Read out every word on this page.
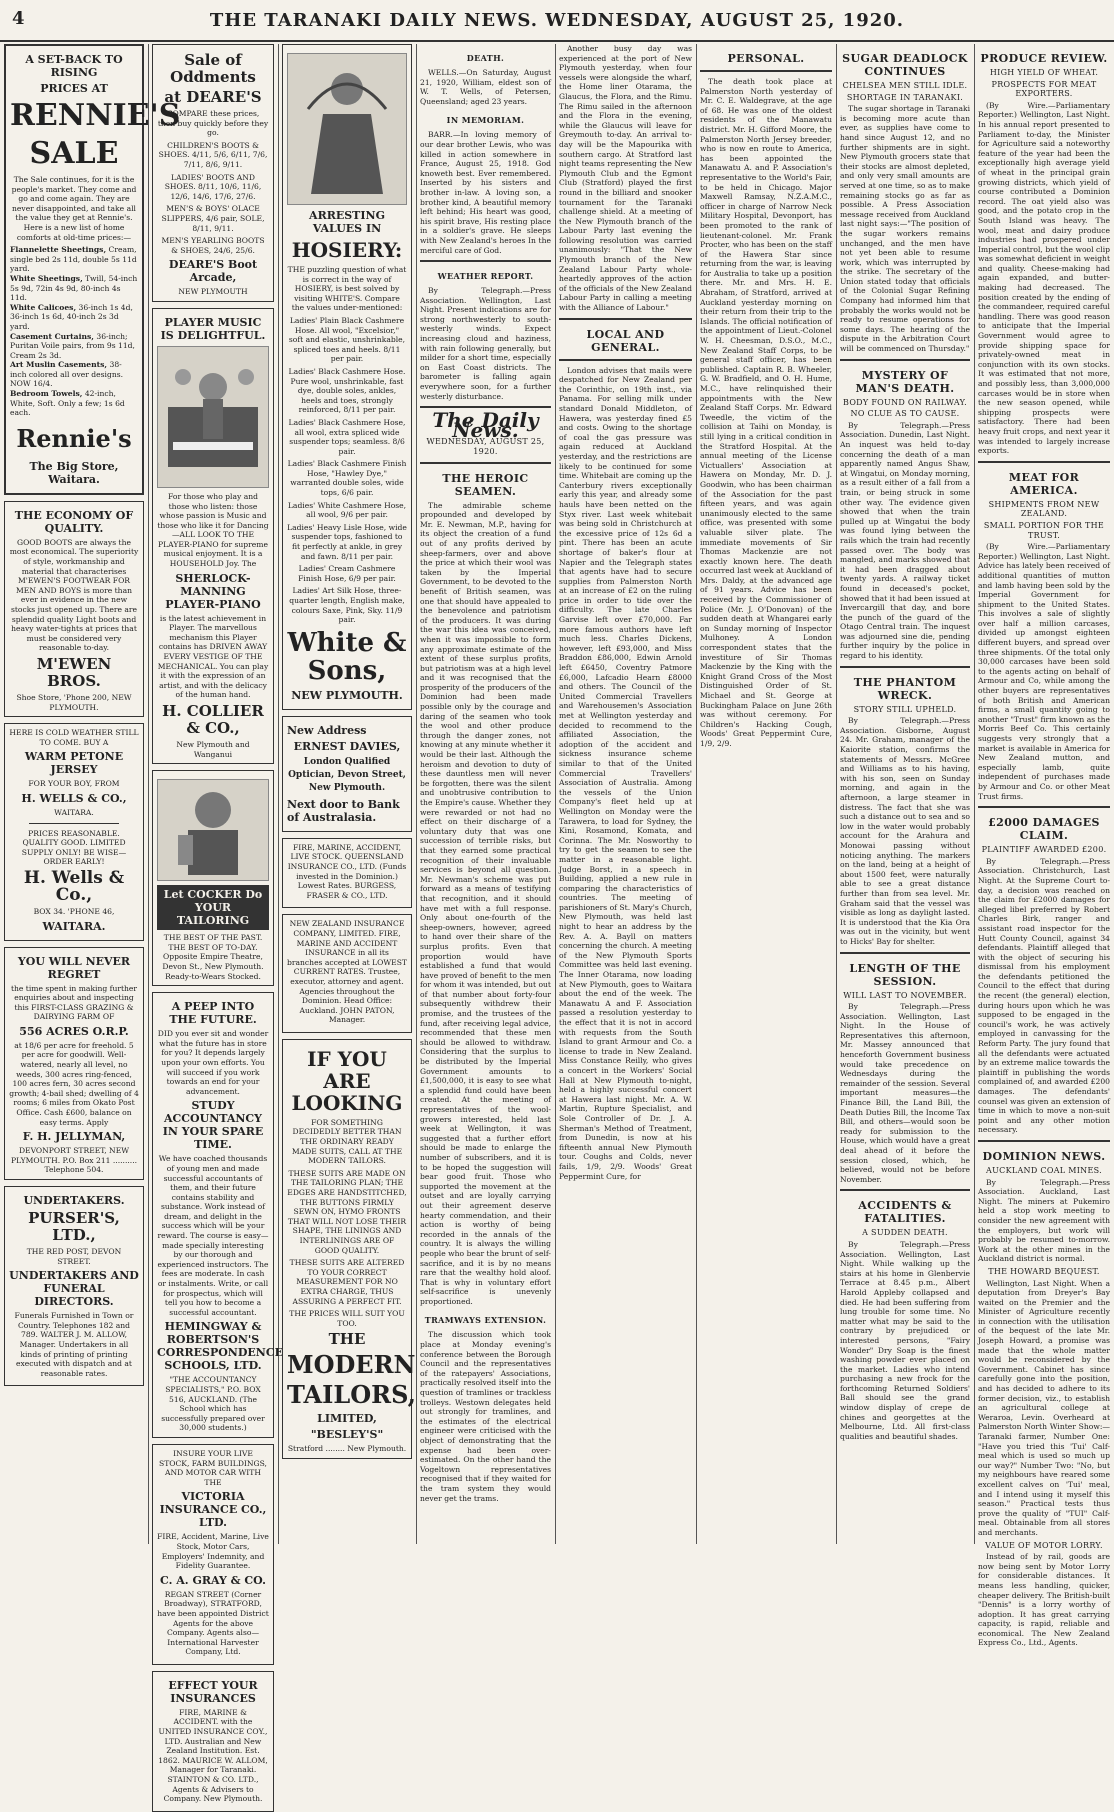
4	THE TARANAKI DAILY NEWS. WEDNESDAY, AUGUST 25, 1920.
A SET-BACK TO RISING
PRICES AT
RENNIE'S
SALE

The Sale continues, for it is the people's market. They come and go and come again. They are never disappointed, and take all the value they get at Rennie's. Here is a new list of home comforts at old-time prices:—

Flannelette Sheetings, Cream, single bed 2s 11d, double 5s 11d yard.
White Sheetings, Twill, 54-inch 5s 9d, 72in 4s 9d, 80-inch 4s 11d.
White Calicoes, 36-inch 1s 4d, 36-inch 1s 6d, 40-inch 2s 3d yard.
Casement Curtains, 36-inch; Puritan Voile pairs, from 9s 11d, Cream 2s 3d.
Art Muslin Casements, 38-inch colored all over designs. NOW 16/4.
Bedroom Towels, 42-inch, White, Soft. Only a few; 1s 6d each.
Rennie's
The Big Store, Waitara.
THE ECONOMY OF QUALITY.

GOOD BOOTS are always the most economical. The superiority of style, workmanship and material that characterises M'EWEN'S FOOTWEAR FOR MEN AND BOYS is more than ever in evidence in the new stocks just opened up. There are splendid quality Light boots and heavy water-tights at prices that must be considered very reasonable to-day.

M'EWEN BROS.
Shoe Store, 'Phone 200, NEW PLYMOUTH.
HERE IS COLD WEATHER STILL TO COME. BUY A
WARM PETONE JERSEY
FOR YOUR BOY, FROM
H. WELLS & CO.,
WAITARA.
PRICES REASONABLE. QUALITY GOOD. LIMITED SUPPLY ONLY! BE WISE—ORDER EARLY!
H. Wells & Co.,
BOX 34. 'PHONE 46,
WAITARA.
YOU WILL NEVER REGRET

the time spent in making further enquiries about and inspecting this FIRST-CLASS GRAZING & DAIRYING FARM OF

556 ACRES O.R.P.

at 18/6 per acre for freehold. 5 per acre for goodwill. Well-watered, nearly all level, no weeds, 300 acres ring-fenced, 100 acres fern, 30 acres second growth; 4-bail shed; dwelling of 4 rooms; 6 miles from Okato Post Office. Cash £600, balance on easy terms. Apply

F. H. JELLYMAN,
DEVONPORT STREET, NEW PLYMOUTH. P.O. Box 211 .......... Telephone 504.
UNDERTAKERS.
PURSER'S, LTD.,
THE RED POST, DEVON STREET.
UNDERTAKERS AND FUNERAL DIRECTORS.

Funerals Furnished in Town or Country. Telephones 182 and 789. WALTER J. M. ALLOW, Manager. Undertakers in all kinds of printing of printing executed with dispatch and at reasonable rates.

Sale of Oddments
at DEARE'S

COMPARE these prices, then buy quickly before they go.

CHILDREN'S BOOTS & SHOES. 4/11, 5/6, 6/11, 7/6, 7/11, 8/6, 9/11.

LADIES' BOOTS AND SHOES. 8/11, 10/6, 11/6, 12/6, 14/6, 17/6, 27/6.

MEN'S & BOYS' OLACE SLIPPERS, 4/6 pair, SOLE, 8/11, 9/11.

MEN'S YEARLING BOOTS & SHOES, 24/6, 25/6.

DEARE'S Boot Arcade,
NEW PLYMOUTH
PLAYER MUSIC IS DELIGHTFUL.

For those who play and those who listen: those whose passion is Music and those who like it for Dancing—ALL LOOK TO THE PLAYER-PIANO for supreme musical enjoyment. It is a HOUSEHOLD Joy. The

SHERLOCK-MANNING PLAYER-PIANO

is the latest achievement in Player. The marvellous mechanism this Player contains has DRIVEN AWAY EVERY VESTIGE OF THE MECHANICAL. You can play it with the expression of an artist, and with the delicacy of the human hand.

H. COLLIER & CO.,
New Plymouth and Wanganui
Let COCKER Do YOUR TAILORING
THE BEST OF THE PAST. THE BEST OF TO-DAY.
Opposite Empire Theatre, Devon St., New Plymouth.
Ready-to-Wears Stocked.
A PEEP INTO THE FUTURE.

DID you ever sit and wonder what the future has in store for you? It depends largely upon your own efforts. You will succeed if you work towards an end for your advancement.

STUDY ACCOUNTANCY IN YOUR SPARE TIME.

We have coached thousands of young men and made successful accountants of them, and their future contains stability and substance. Work instead of dream, and delight in the success which will be your reward. The course is easy—made specially interesting by our thorough and experienced instructors. The fees are moderate. In cash or instalments. Write, or call for prospectus, which will tell you how to become a successful accountant.

HEMINGWAY & ROBERTSON'S CORRESPONDENCE SCHOOLS, LTD.
"THE ACCOUNTANCY SPECIALISTS," P.O. BOX 516, AUCKLAND. (The School which has successfully prepared over 30,000 students.)
INSURE YOUR LIVE STOCK, FARM BUILDINGS, AND MOTOR CAR WITH THE
VICTORIA INSURANCE CO., LTD.

FIRE, Accident, Marine, Live Stock, Motor Cars, Employers' Indemnity, and Fidelity Guarantee.

C. A. GRAY & CO.

REGAN STREET (Corner Broadway), STRATFORD, have been appointed District Agents for the above Company. Agents also—International Harvester Company, Ltd.

EFFECT YOUR INSURANCES

FIRE, MARINE & ACCIDENT. with the UNITED INSURANCE COY., LTD. Australian and New Zealand Institution. Est. 1862. MAURICE W. ALLOM, Manager for Taranaki. STAINTON & CO. LTD., Agents & Advisers to Company. New Plymouth.

ARRESTING VALUES IN
HOSIERY:

THE puzzling question of what is correct in the way of HOSIERY, is best solved by visiting WHITE'S. Compare the values under-mentioned:

Ladies' Plain Black Cashmere Hose. All wool, "Excelsior," soft and elastic, unshrinkable, spliced toes and heels. 8/11 per pair.

Ladies' Black Cashmere Hose. Pure wool, unshrinkable, fast dye, double soles, ankles, heels and toes, strongly reinforced, 8/11 per pair.

Ladies' Black Cashmere Hose, all wool, extra spliced wide suspender tops; seamless. 8/6 pair.

Ladies' Black Cashmere Finish Hose, "Hawley Dye," warranted double soles, wide tops, 6/6 pair.

Ladies' White Cashmere Hose, all wool, 9/6 per pair.

Ladies' Heavy Lisle Hose, wide suspender tops, fashioned to fit perfectly at ankle, in grey and fawn. 8/11 per pair.

Ladies' Cream Cashmere Finish Hose, 6/9 per pair.

Ladies' Art Silk Hose, three-quarter length, English make, colours Saxe, Pink, Sky. 11/9 pair.

White & Sons,
NEW PLYMOUTH.
New Address
ERNEST DAVIES,
London Qualified Optician, Devon Street, New Plymouth.
Next door to Bank of Australasia.

FIRE, MARINE, ACCIDENT, LIVE STOCK. QUEENSLAND INSURANCE CO., LTD. (Funds invested in the Dominion.) Lowest Rates. BURGESS, FRASER & CO., LTD.

NEW ZEALAND INSURANCE COMPANY, LIMITED. FIRE, MARINE AND ACCIDENT INSURANCE in all its branches accepted at LOWEST CURRENT RATES. Trustee, executor, attorney and agent. Agencies throughout the Dominion. Head Office: Auckland. JOHN PATON, Manager.

IF YOU ARE LOOKING

FOR SOMETHING DECIDEDLY BETTER THAN THE ORDINARY READY MADE SUITS, CALL AT THE MODERN TAILORS.

THESE SUITS ARE MADE ON THE TAILORING PLAN; THE EDGES ARE HANDSTITCHED, THE BUTTONS FIRMLY SEWN ON, HYMO FRONTS THAT WILL NOT LOSE THEIR SHAPE, THE LININGS AND INTERLININGS ARE OF GOOD QUALITY.

THESE SUITS ARE ALTERED TO YOUR CORRECT MEASUREMENT FOR NO EXTRA CHARGE, THUS ASSURING A PERFECT FIT.

THE PRICES WILL SUIT YOU TOO.

THE
MODERN
TAILORS,
LIMITED,
"BESLEY'S"
Stratford ........ New Plymouth.
DEATH.

WELLS.—On Saturday, August 21, 1920, William, eldest son of W. T. Wells, of Petersen, Queensland; aged 23 years.

IN MEMORIAM.

BARR.—In loving memory of our dear brother Lewis, who was killed in action somewhere in France, August 25, 1918. God knoweth best. Ever remembered. Inserted by his sisters and brother in-law. A loving son, a brother kind, A beautiful memory left behind; His heart was good, his spirit brave, His resting place in a soldier's grave. He sleeps with New Zealand's heroes In the merciful care of God.

WEATHER REPORT.

By Telegraph.—Press Association. Wellington, Last Night. Present indications are for strong northwesterly to south-westerly winds. Expect increasing cloud and haziness, with rain following generally, but milder for a short time, especially on East Coast districts. The barometer is falling again everywhere soon, for a further westerly disturbance.

The Daily News.
WEDNESDAY, AUGUST 25, 1920.
THE HEROIC SEAMEN.

The admirable scheme propounded and developed by Mr. E. Newman, M.P., having for its object the creation of a fund out of any profits derived by sheep-farmers, over and above the price at which their wool was taken by the Imperial Government, to be devoted to the benefit of British seamen, was one that should have appealed to the benevolence and patriotism of the producers. It was during the war this idea was conceived, when it was impossible to form any approximate estimate of the extent of these surplus profits, but patriotism was at a high level and it was recognised that the prosperity of the producers of the Dominion had been made possible only by the courage and daring of the seamen who took the wool and other produce through the danger zones, not knowing at any minute whether it would be their last. Although the heroism and devotion to duty of these dauntless men will never be forgotten, there was the silent and unobtrusive contribution to the Empire's cause. Whether they were rewarded or not had no effect on their discharge of a voluntary duty that was one succession of terrible risks, but that they earned some practical recognition of their invaluable services is beyond all question. Mr. Newman's scheme was put forward as a means of testifying that recognition, and it should have met with a full response. Only about one-fourth of the sheep-owners, however, agreed to hand over their share of the surplus profits. Even that proportion would have established a fund that would have proved of benefit to the men for whom it was intended, but out of that number about forty-four subsequently withdrew their promise, and the trustees of the fund, after receiving legal advice, recommended that these men should be allowed to withdraw. Considering that the surplus to be distributed by the Imperial Government amounts to £1,500,000, it is easy to see what a splendid fund could have been created. At the meeting of representatives of the wool-growers interested, held last week at Wellington, it was suggested that a further effort should be made to enlarge the number of subscribers, and it is to be hoped the suggestion will bear good fruit. Those who supported the movement at the outset and are loyally carrying out their agreement deserve hearty commendation, and their action is worthy of being recorded in the annals of the country. It is always the willing people who bear the brunt of self-sacrifice, and it is by no means rare that the wealthy hold aloof. That is why in voluntary effort self-sacrifice is unevenly proportioned.

TRAMWAYS EXTENSION.

The discussion which took place at Monday evening's conference between the Borough Council and the representatives of the ratepayers' Associations, practically resolved itself into the question of tramlines or trackless trolleys. Westown delegates held out strongly for tramlines, and the estimates of the electrical engineer were criticised with the object of demonstrating that the expense had been over-estimated. On the other hand the Vogeltown representatives recognised that if they waited for the tram system they would never get the trams.

Another busy day was experienced at the port of New Plymouth yesterday, when four vessels were alongside the wharf, the Home liner Otarama, the Glaucus, the Flora, and the Rimu. The Rimu sailed in the afternoon and the Flora in the evening, while the Glaucus will leave for Greymouth to-day. An arrival to-day will be the Mapourika with southern cargo. At Stratford last night teams representing the New Plymouth Club and the Egmont Club (Stratford) played the first round in the billiard and snooker tournament for the Taranaki challenge shield. At a meeting of the New Plymouth branch of the Labour Party last evening the following resolution was carried unanimously: "That the New Plymouth branch of the New Zealand Labour Party whole-heartedly approves of the action of the officials of the New Zealand Labour Party in calling a meeting with the Alliance of Labour."

LOCAL AND GENERAL.

London advises that mails were despatched for New Zealand per the Corinthic, on 19th inst., via Panama. For selling milk under standard Donald Middleton, of Hawera, was yesterday fined £5 and costs. Owing to the shortage of coal the gas pressure was again reduced at Auckland yesterday, and the restrictions are likely to be continued for some time. Whitebait are coming up the Canterbury rivers exceptionally early this year, and already some hauls have been netted on the Styx river. Last week whitebait was being sold in Christchurch at the excessive price of 12s 6d a pint. There has been an acute shortage of baker's flour at Napier and the Telegraph states that agents have had to secure supplies from Palmerston North at an increase of £2 on the ruling price in order to tide over the difficulty. The late Charles Garvise left over £70,000. Far more famous authors have left much less. Charles Dickens, however, left £93,000, and Miss Braddon £86,000, Edwin Arnold left £6450, Coventry Patmore £6,000, Lafcadio Hearn £8000 and others. The Council of the United Commercial Travellers and Warehousemen's Association met at Wellington yesterday and decided to recommend to the affiliated Association, the adoption of the accident and sickness insurance scheme similar to that of the United Commercial Travellers' Association of Australia. Among the vessels of the Union Company's fleet held up at Wellington on Monday were the Tarawera, to load for Sydney, the Kini, Rosamond, Komata, and Corinna. The Mr. Nosworthy to try to get the seamen to see the matter in a reasonable light. Judge Borst, in a speech in Building, applied a new rule in comparing the characteristics of countries. The meeting of parishioners of St. Mary's Church, New Plymouth, was held last night to hear an address by the Rev. A. A. Bayll on matters concerning the church. A meeting of the New Plymouth Sports Committee was held last evening. The Inner Otarama, now loading at New Plymouth, goes to Waitara about the end of the week. The Manawatu A and F. Association passed a resolution yesterday to the effect that it is not in accord with requests from the South Island to grant Armour and Co. a license to trade in New Zealand. Miss Constance Reilly, who gives a concert in the Workers' Social Hall at New Plymouth to-night, held a highly successful concert at Hawera last night. Mr. A. W. Martin, Rupture Specialist, and Sole Controller of Dr. J. A. Sherman's Method of Treatment, from Dunedin, is now at his fifteenth annual New Plymouth tour. Coughs and Colds, never fails, 1/9, 2/9. Woods' Great Peppermint Cure, for

PERSONAL.

The death took place at Palmerston North yesterday of Mr. C. E. Waldegrave, at the age of 68. He was one of the oldest residents of the Manawatu district. Mr. H. Gifford Moore, the Palmerston North Jersey breeder, who is now en route to America, has been appointed the Manawatu A. and P. Association's representative to the World's Fair, to be held in Chicago. Major Maxwell Ramsay, N.Z.A.M.C., officer in charge of Narrow Neck Military Hospital, Devonport, has been promoted to the rank of lieutenant-colonel. Mr. Frank Procter, who has been on the staff of the Hawera Star since returning from the war, is leaving for Australia to take up a position there. Mr. and Mrs. H. E. Abraham, of Stratford, arrived at Auckland yesterday morning on their return from their trip to the Islands. The official notification of the appointment of Lieut.-Colonel W. H. Cheesman, D.S.O., M.C., New Zealand Staff Corps, to be general staff officer, has been published. Captain R. B. Wheeler, G. W. Bradfield, and O. H. Hume, M.C., have relinquished their appointments with the New Zealand Staff Corps. Mr. Edward Tweedle, the victim of the collision at Taihi on Monday, is still lying in a critical condition in the Stratford Hospital. At the annual meeting of the License Victuallers' Association at Hawera on Monday, Mr. D. J. Goodwin, who has been chairman of the Association for the past fifteen years, and was again unanimously elected to the same office, was presented with some valuable silver plate. The immediate movements of Sir Thomas Mackenzie are not exactly known here. The death occurred last week at Auckland of Mrs. Daldy, at the advanced age of 91 years. Advice has been received by the Commissioner of Police (Mr. J. O'Donovan) of the sudden death at Whangarei early on Sunday morning of Inspector Mulhoney. A London correspondent states that the investiture of Sir Thomas Mackenzie by the King with the Knight Grand Cross of the Most Distinguished Order of St. Michael and St. George at Buckingham Palace on June 26th was without ceremony. For Children's Hacking Cough, Woods' Great Peppermint Cure, 1/9, 2/9.

SUGAR DEADLOCK CONTINUES
CHELSEA MEN STILL IDLE.
SHORTAGE IN TARANAKI.

The sugar shortage in Taranaki is becoming more acute than ever, as supplies have come to hand since August 12, and no further shipments are in sight. New Plymouth grocers state that their stocks are almost depleted, and only very small amounts are served at one time, so as to make remaining stocks go as far as possible. A Press Association message received from Auckland last night says:—"The position of the sugar workers remains unchanged, and the men have not yet been able to resume work, which was interrupted by the strike. The secretary of the Union stated today that officials of the Colonial Sugar Refining Company had informed him that probably the works would not be ready to resume operations for some days. The hearing of the dispute in the Arbitration Court will be commenced on Thursday."

MYSTERY OF MAN'S DEATH.
BODY FOUND ON RAILWAY.
NO CLUE AS TO CAUSE.

By Telegraph.—Press Association. Dunedin, Last Night. An inquest was held to-day concerning the death of a man apparently named Angus Shaw, at Wingatui, on Monday morning, as a result either of a fall from a train, or being struck in some other way. The evidence given showed that when the train pulled up at Wingatui the body was found lying between the rails which the train had recently passed over. The body was mangled, and marks showed that it had been dragged about twenty yards. A railway ticket found in deceased's pocket, showed that it had been issued at Invercargill that day, and bore the punch of the guard of the Otago Central train. The inquest was adjourned sine die, pending further inquiry by the police in regard to his identity.

THE PHANTOM WRECK.
STORY STILL UPHELD.

By Telegraph.—Press Association. Gisborne, August 24. Mr. Graham, manager of the Kaiorite station, confirms the statements of Messrs. McGree and Williams as to his having, with his son, seen on Sunday morning, and again in the afternoon, a large steamer in distress. The fact that she was such a distance out to sea and so low in the water would probably account for the Arahura and Monowai passing without noticing anything. The markers on the land, being at a height of about 1500 feet, were naturally able to see a great distance further than from sea level. Mr. Graham said that the vessel was visible as long as daylight lasted. It is understood that the Kia Ora was out in the vicinity, but went to Hicks' Bay for shelter.

LENGTH OF THE SESSION.
WILL LAST TO NOVEMBER.

By Telegraph.—Press Association. Wellington, Last Night. In the House of Representatives this afternoon, Mr. Massey announced that henceforth Government business would take precedence on Wednesdays during the remainder of the session. Several important measures—the Finance Bill, the Land Bill, the Death Duties Bill, the Income Tax Bill, and others—would soon be ready for submission to the House, which would have a great deal ahead of it before the session closed, which, he believed, would not be before November.

ACCIDENTS & FATALITIES.
A SUDDEN DEATH.

By Telegraph.—Press Association. Wellington, Last Night. While walking up the stairs at his home in Glenbervie Terrace at 8.45 p.m., Albert Harold Appleby collapsed and died. He had been suffering from lung trouble for some time. No matter what may be said to the contrary by prejudiced or interested persons, "Fairy Wonder" Dry Soap is the finest washing powder ever placed on the market. Ladies who intend purchasing a new frock for the forthcoming Returned Soldiers' Ball should see the grand window display of crepe de chines and georgettes at the Melbourne, Ltd. All first-class qualities and beautiful shades.

PRODUCE REVIEW.
HIGH YIELD OF WHEAT.
PROSPECTS FOR MEAT EXPORTERS.

(By Wire.—Parliamentary Reporter.) Wellington, Last Night. In his annual report presented to Parliament to-day, the Minister for Agriculture said a noteworthy feature of the year had been the exceptionally high average yield of wheat in the principal grain growing districts, which yield of course contributed a Dominion record. The oat yield also was good, and the potato crop in the South Island was heavy. The wool, meat and dairy produce industries had prospered under Imperial control, but the wool clip was somewhat deficient in weight and quality. Cheese-making had again expanded, and butter-making had decreased. The position created by the ending of the commandeer, required careful handling. There was good reason to anticipate that the Imperial Government would agree to provide shipping space for privately-owned meat in conjunction with its own stocks. It was estimated that not more, and possibly less, than 3,000,000 carcases would be in store when the new season opened, while shipping prospects were satisfactory. There had been heavy fruit crops, and next year it was intended to largely increase exports.

MEAT FOR AMERICA.
SHIPMENTS FROM NEW ZEALAND.
SMALL PORTION FOR THE TRUST.

(By Wire.—Parliamentary Reporter.) Wellington, Last Night. Advice has lately been received of additional quantities of mutton and lamb having been sold by the Imperial Government for shipment to the United States. This involves a sale of slightly over half a million carcases, divided up amongst eighteen different buyers, and spread over three shipments. Of the total only 30,000 carcases have been sold to the agents acting on behalf of Armour and Co, while among the other buyers are representatives of both British and American firms, a small quantity going to another "Trust" firm known as the Morris Beef Co. This certainly suggests very strongly that a market is available in America for New Zealand mutton, and especially lamb, quite independent of purchases made by Armour and Co. or other Meat Trust firms.

£2000 DAMAGES CLAIM.
PLAINTIFF AWARDED £200.

By Telegraph.—Press Association. Christchurch, Last Night. At the Supreme Court to-day, a decision was reached on the claim for £2000 damages for alleged libel preferred by Robert Charles Birk, ranger and assistant road inspector for the Hutt County Council, against 34 defendants. Plaintiff alleged that with the object of securing his dismissal from his employment the defendants petitioned the Council to the effect that during the recent (the general) election, during hours upon which he was supposed to be engaged in the council's work, he was actively employed in canvassing for the Reform Party. The jury found that all the defendants were actuated by an extreme malice towards the plaintiff in publishing the words complained of, and awarded £200 damages. The defendants' counsel was given an extension of time in which to move a non-suit point and any other motion necessary.

DOMINION NEWS.
AUCKLAND COAL MINES.

By Telegraph.—Press Association. Auckland, Last Night. The miners at Pukemiro held a stop work meeting to consider the new agreement with the employers, but work will probably be resumed to-morrow. Work at the other mines in the Auckland district is normal.

THE HOWARD BEQUEST.

Wellington, Last Night. When a deputation from Dreyer's Bay waited on the Premier and the Minister of Agriculture recently in connection with the utilisation of the bequest of the late Mr. Joseph Howard, a promise was made that the whole matter would be reconsidered by the Government. Cabinet has since carefully gone into the position, and has decided to adhere to its former decision, viz., to establish an agricultural college at Weraroa, Levin. Overheard at Palmerston North Winter Show:—Taranaki farmer, Number One: "Have you tried this 'Tui' Calf-meal which is used so much up our way?" Number Two: "No, but my neighbours have reared some excellent calves on 'Tui' meal, and I intend using it myself this season." Practical tests thus prove the quality of "TUI" Calf-meal. Obtainable from all stores and merchants.

VALUE OF MOTOR LORRY.

Instead of by rail, goods are now being sent by Motor Lorry for considerable distances. It means less handling, quicker, cheaper delivery. The British-built "Dennis" is a lorry worthy of adoption. It has great carrying capacity, is rapid, reliable and economical. The New Zealand Express Co., Ltd., Agents.
